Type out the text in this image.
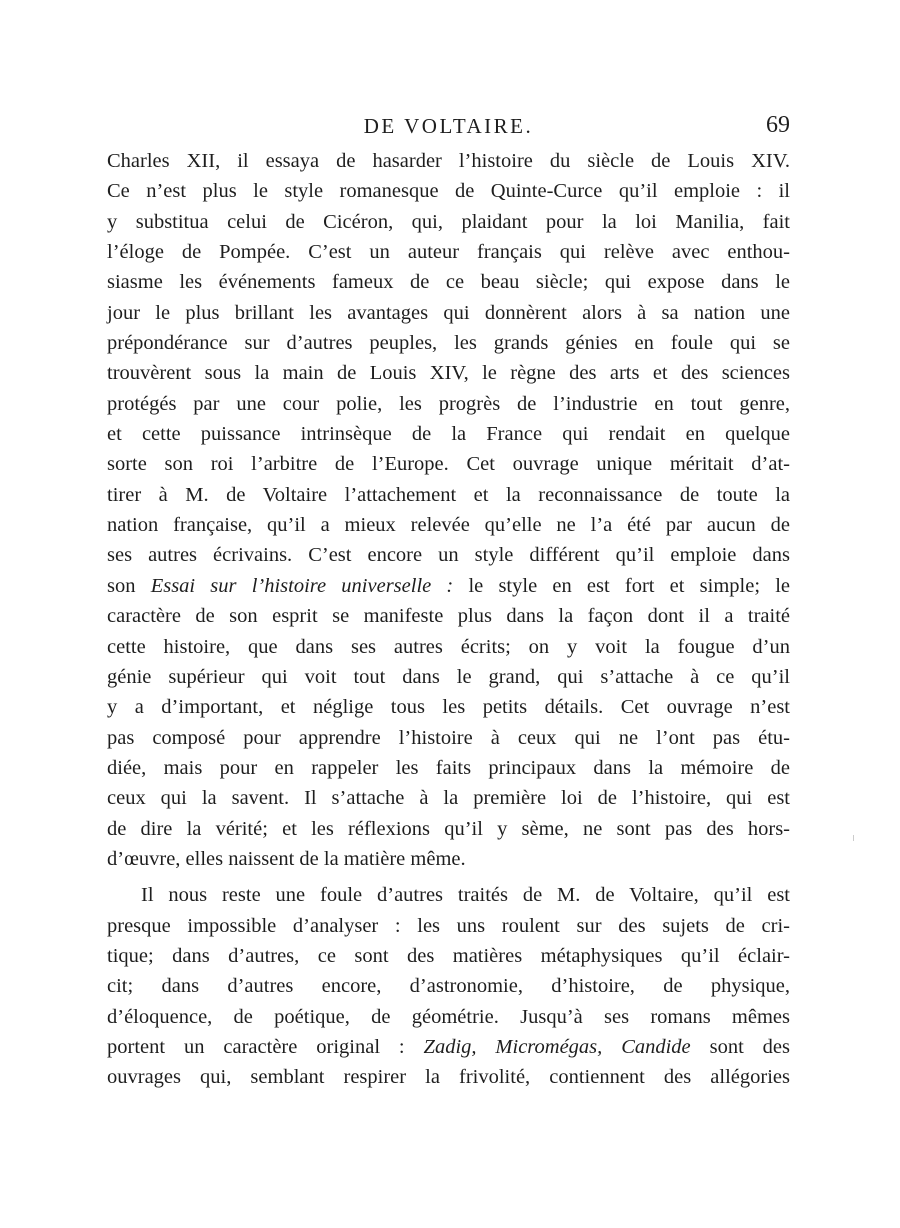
DE VOLTAIRE.	69
Charles XII, il essaya de hasarder l’histoire du siècle de Louis XIV.
Ce n’est plus le style romanesque de Quinte-Curce qu’il emploie : il
y substitua celui de Cicéron, qui, plaidant pour la loi Manilia, fait
l’éloge de Pompée. C’est un auteur français qui relève avec enthou-
siasme les événements fameux de ce beau siècle; qui expose dans le
jour le plus brillant les avantages qui donnèrent alors à sa nation une
prépondérance sur d’autres peuples, les grands génies en foule qui se
trouvèrent sous la main de Louis XIV, le règne des arts et des sciences
protégés par une cour polie, les progrès de l’industrie en tout genre,
et cette puissance intrinsèque de la France qui rendait en quelque
sorte son roi l’arbitre de l’Europe. Cet ouvrage unique méritait d’at-
tirer à M. de Voltaire l’attachement et la reconnaissance de toute la
nation française, qu’il a mieux relevée qu’elle ne l’a été par aucun de
ses autres écrivains. C’est encore un style différent qu’il emploie dans
son Essai sur l’histoire universelle : le style en est fort et simple; le
caractère de son esprit se manifeste plus dans la façon dont il a traité
cette histoire, que dans ses autres écrits; on y voit la fougue d’un
génie supérieur qui voit tout dans le grand, qui s’attache à ce qu’il
y a d’important, et néglige tous les petits détails. Cet ouvrage n’est
pas composé pour apprendre l’histoire à ceux qui ne l’ont pas étu-
diée, mais pour en rappeler les faits principaux dans la mémoire de
ceux qui la savent. Il s’attache à la première loi de l’histoire, qui est
de dire la vérité; et les réflexions qu’il y sème, ne sont pas des hors-
d’œuvre, elles naissent de la matière même.
Il nous reste une foule d’autres traités de M. de Voltaire, qu’il est
presque impossible d’analyser : les uns roulent sur des sujets de cri-
tique; dans d’autres, ce sont des matières métaphysiques qu’il éclair-
cit; dans d’autres encore, d’astronomie, d’histoire, de physique,
d’éloquence, de poétique, de géométrie. Jusqu’à ses romans mêmes
portent un caractère original : Zadig, Micromégas, Candide sont des
ouvrages qui, semblant respirer la frivolité, contiennent des allégories
